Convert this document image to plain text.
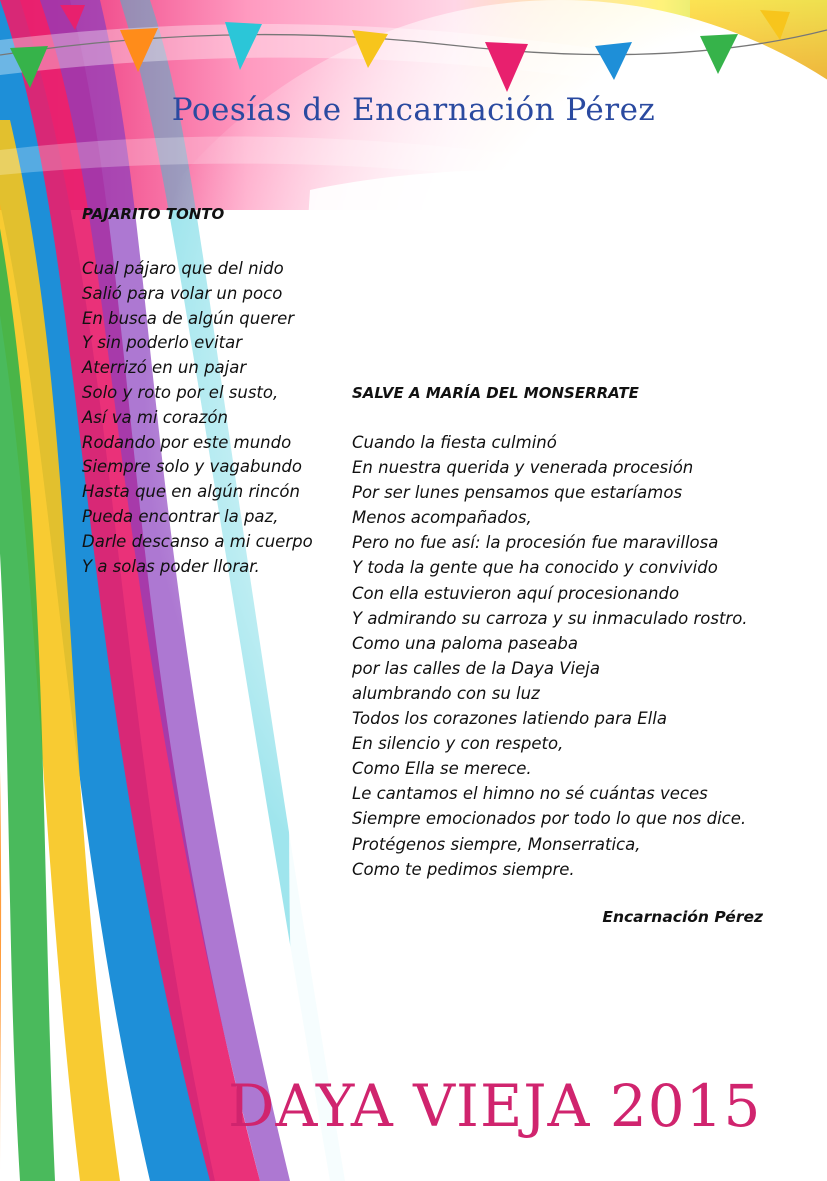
Poesías de Encarnación Pérez
PAJARITO TONTO
Cual pájaro que del nido
Salió para volar un poco
En busca de algún querer
Y sin poderlo evitar
Aterrizó en un pajar
Solo y roto por el susto,
Así va mi corazón
Rodando por este mundo
Siempre solo y vagabundo
Hasta que en algún rincón
Pueda encontrar la paz,
Darle descanso a mi cuerpo
Y a solas poder llorar.
SALVE A MARÍA DEL MONSERRATE
Cuando la fiesta culminó
En nuestra querida y venerada procesión
Por ser lunes pensamos que estaríamos
Menos acompañados,
Pero no fue así: la procesión fue maravillosa
Y toda la gente que ha conocido y convivido
Con ella estuvieron aquí procesionando
Y admirando su carroza y su inmaculado rostro.
Como una paloma paseaba
por las calles de la Daya Vieja
alumbrando con su luz
Todos los corazones latiendo para Ella
En silencio y con respeto,
Como Ella se merece.
Le cantamos el himno no sé cuántas veces
Siempre emocionados por todo lo que nos dice.
Protégenos siempre, Monserratica,
Como te pedimos siempre.
Encarnación Pérez
DAYA VIEJA 2015
